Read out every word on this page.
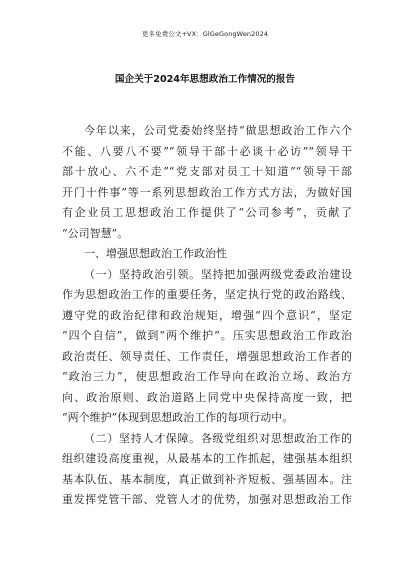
更多免费公文+VX：GlGeGongWen2024
国企关于2024年思想政治工作情况的报告
今年以来，公司党委始终坚持“做思想政治工作六个
不能、八要八不要”“领导干部十必谈十必访”“领导干
部十放心、六不走”“党支部对员工十知道”“领导干部
开门十件事”等一系列思想政治工作方式方法，为做好国
有企业员工思想政治工作提供了“公司参考”，贡献了
“公司智慧”。
一、增强思想政治工作政治性
（一）坚持政治引领。坚持把加强两级党委政治建设
作为思想政治工作的重要任务，坚定执行党的政治路线、
遵守党的政治纪律和政治规矩，增强“四个意识”，坚定
“四个自信”，做到“两个维护”。压实思想政治工作政治
政治责任、领导责任、工作责任，增强思想政治工作者的
“政治三力”，使思想政治工作导向在政治立场、政治方
向、政治原则、政治道路上同党中央保持高度一致，把
“两个维护”体现到思想政治工作的每项行动中。
（二）坚持人才保障。各级党组织对思想政治工作的
组织建设高度重视，从最基本的工作抓起，建强基本组织
基本队伍、基本制度，真正做到补齐短板、强基固本。注
重发挥党管干部、党管人才的优势，加强对思想政治工作
